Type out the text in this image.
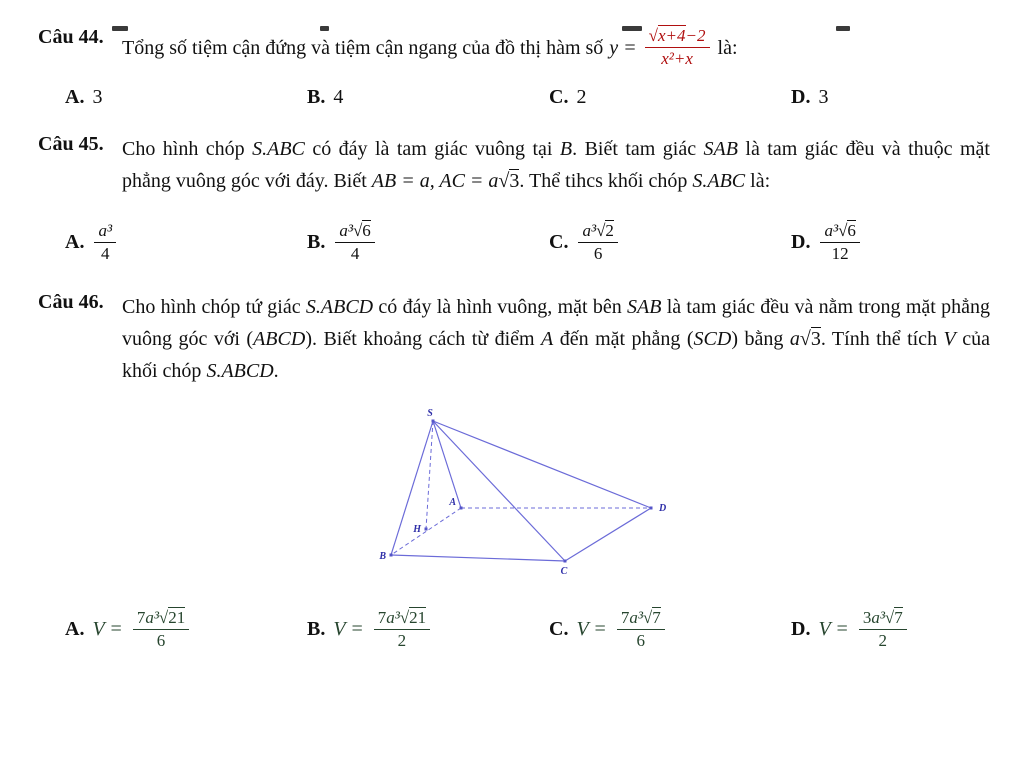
Câu 44. Tổng số tiệm cận đứng và tiệm cận ngang của đồ thị hàm số y = √ $\frac{x+4-2}{\text{x²+x}}$ là:
A. 3	B. 4	C. 2	D. 3
Câu 45. Cho hình chóp S.ABC có đáy là tam giác vuông tại B. Biết tam giác SAB là tam giác đều và thuộc mặt phẳng vuông góc với đáy. Biết AB = a, AC = a √ 3. Thể tihcs khối chóp S.ABC là:
A. $\frac{\text{a³}}{4}$	B. $\frac{\text{a³ √ 6}}{4}$	C. $\frac{\text{a³ √ 2}}{6}$	D. $\frac{\text{a³ √ 6}}{12}$
Câu 46. Cho hình chóp tứ giác S.ABCD có đáy là hình vuông, mặt bên SAB là tam giác đều và nằm trong mặt phẳng vuông góc với (ABCD). Biết khoảng cách từ điểm A đến mặt phẳng (SCD) bằng a √ 3. Tính thể tích V của khối chóp S.ABCD.
S
A
B
C
D
H
A. $V = \frac{\text{7a³ √ 21}}{6}$	B. $V = \frac{\text{7a³ √ 21}}{2}$	C. $V = \frac{\text{7a³ √ 7}}{6}$	D. $V = \frac{\text{3a³ √ 7}}{2}$
